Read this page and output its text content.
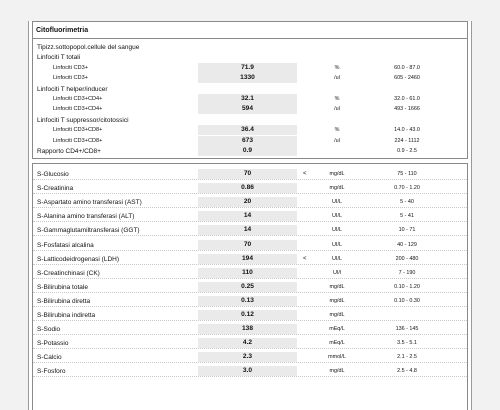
Citofluorimetria
Tipizz.sottopopol.cellule del sangue
Linfociti T totali
Linfociti CD3+	71.9	%	60.0 - 87.0
Linfociti CD3+	1330	/ul	605 - 2460
Linfociti T helper/inducer
Linfociti CD3+CD4+	32.1	%	32.0 - 61.0
Linfociti CD3+CD4+	594	/ul	493 - 1666
Linfociti T suppressor/citotossici
Linfociti CD3+CD8+	36.4	%	14.0 - 43.0
Linfociti CD3+CD8+	673	/ul	224 - 1112
Rapporto CD4+/CD8+	0.9	0.9 - 2.5
S-Glucosio	70	<	mg/dL	75 - 110
S-Creatinina	0.86	mg/dL	0.70 - 1.20
S-Aspartato amino transferasi (AST)	20	UI/L	5 - 40
S-Alanina amino transferasi (ALT)	14	UI/L	5 - 41
S-Gammaglutamiltransferasi (GGT)	14	UI/L	10 - 71
S-Fosfatasi alcalina	70	UI/L	40 - 129
S-Latticodeidrogenasi (LDH)	194	<	UI/L	200 - 480
S-Creatinchinasi (CK)	110	UI/l	7 - 190
S-Bilirubina totale	0.25	mg/dL	0.10 - 1.20
S-Bilirubina diretta	0.13	mg/dL	0.10 - 0.30
S-Bilirubina indiretta	0.12	mg/dL
S-Sodio	138	mEq/L	136 - 145
S-Potassio	4.2	mEq/L	3.5 - 5.1
S-Calcio	2.3	mmol/L	2.1 - 2.5
S-Fosforo	3.0	mg/dL	2.5 - 4.8
